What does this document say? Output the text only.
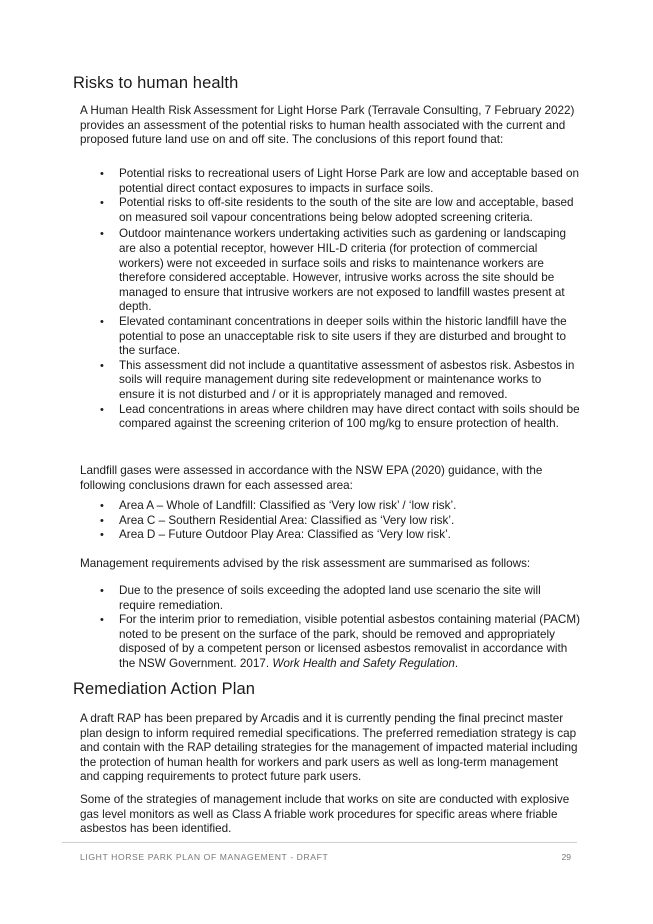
Risks to human health

A Human Health Risk Assessment for Light Horse Park (Terravale Consulting, 7 February 2022) provides an assessment of the potential risks to human health associated with the current and proposed future land use on and off site. The conclusions of this report found that:

• Potential risks to recreational users of Light Horse Park are low and acceptable based on potential direct contact exposures to impacts in surface soils.
• Potential risks to off-site residents to the south of the site are low and acceptable, based on measured soil vapour concentrations being below adopted screening criteria.
• Outdoor maintenance workers undertaking activities such as gardening or landscaping are also a potential receptor, however HIL-D criteria (for protection of commercial workers) were not exceeded in surface soils and risks to maintenance workers are therefore considered acceptable. However, intrusive works across the site should be managed to ensure that intrusive workers are not exposed to landfill wastes present at depth.
• Elevated contaminant concentrations in deeper soils within the historic landfill have the potential to pose an unacceptable risk to site users if they are disturbed and brought to the surface.
• This assessment did not include a quantitative assessment of asbestos risk. Asbestos in soils will require management during site redevelopment or maintenance works to ensure it is not disturbed and / or it is appropriately managed and removed.
• Lead concentrations in areas where children may have direct contact with soils should be compared against the screening criterion of 100 mg/kg to ensure protection of health.

Landfill gases were assessed in accordance with the NSW EPA (2020) guidance, with the following conclusions drawn for each assessed area:

• Area A – Whole of Landfill: Classified as ‘Very low risk’ / ‘low risk’.
• Area C – Southern Residential Area: Classified as ‘Very low risk’.
• Area D – Future Outdoor Play Area: Classified as ‘Very low risk’.

Management requirements advised by the risk assessment are summarised as follows:

• Due to the presence of soils exceeding the adopted land use scenario the site will require remediation.
• For the interim prior to remediation, visible potential asbestos containing material (PACM) noted to be present on the surface of the park, should be removed and appropriately disposed of by a competent person or licensed asbestos removalist in accordance with the NSW Government. 2017. Work Health and Safety Regulation.
Remediation Action Plan

A draft RAP has been prepared by Arcadis and it is currently pending the final precinct master plan design to inform required remedial specifications. The preferred remediation strategy is cap and contain with the RAP detailing strategies for the management of impacted material including the protection of human health for workers and park users as well as long-term management and capping requirements to protect future park users.

Some of the strategies of management include that works on site are conducted with explosive gas level monitors as well as Class A friable work procedures for specific areas where friable asbestos has been identified.

LIGHT HORSE PARK PLAN OF MANAGEMENT - DRAFT	29
